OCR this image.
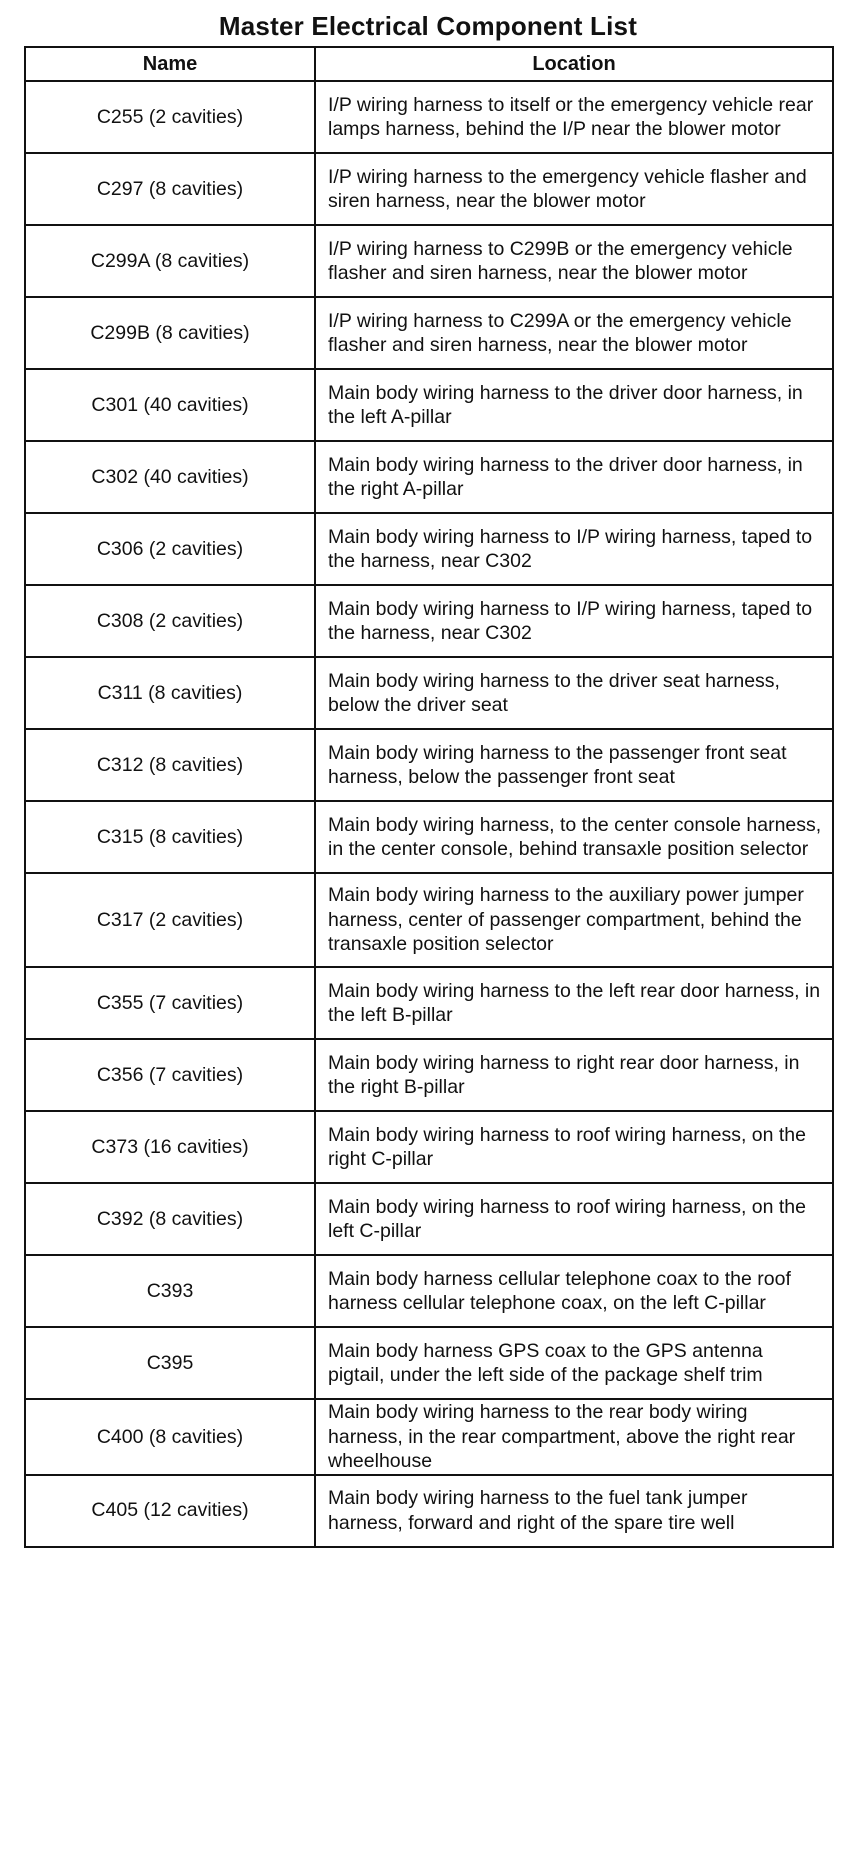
Master Electrical Component List
Name	Location
C255 (2 cavities)	I/P wiring harness to itself or the emergency vehicle rear lamps harness, behind the I/P near the blower motor
C297 (8 cavities)	I/P wiring harness to the emergency vehicle flasher and siren harness, near the blower motor
C299A (8 cavities)	I/P wiring harness to C299B or the emergency vehicle flasher and siren harness, near the blower motor
C299B (8 cavities)	I/P wiring harness to C299A or the emergency vehicle flasher and siren harness, near the blower motor
C301 (40 cavities)	Main body wiring harness to the driver door harness, in the left A-pillar
C302 (40 cavities)	Main body wiring harness to the driver door harness, in the right A-pillar
C306 (2 cavities)	Main body wiring harness to I/P wiring harness, taped to the harness, near C302
C308 (2 cavities)	Main body wiring harness to I/P wiring harness, taped to the harness, near C302
C311 (8 cavities)	Main body wiring harness to the driver seat harness, below the driver seat
C312 (8 cavities)	Main body wiring harness to the passenger front seat harness, below the passenger front seat
C315 (8 cavities)	Main body wiring harness, to the center console harness, in the center console, behind transaxle position selector
C317 (2 cavities)	Main body wiring harness to the auxiliary power jumper harness, center of passenger compartment, behind the transaxle position selector
C355 (7 cavities)	Main body wiring harness to the left rear door harness, in the left B-pillar
C356 (7 cavities)	Main body wiring harness to right rear door harness, in the right B-pillar
C373 (16 cavities)	Main body wiring harness to roof wiring harness, on the right C-pillar
C392 (8 cavities)	Main body wiring harness to roof wiring harness, on the left C-pillar
C393	Main body harness cellular telephone coax to the roof harness cellular telephone coax, on the left C-pillar
C395	Main body harness GPS coax to the GPS antenna pigtail, under the left side of the package shelf trim
C400 (8 cavities)	Main body wiring harness to the rear body wiring harness, in the rear compartment, above the right rear wheelhouse
C405 (12 cavities)	Main body wiring harness to the fuel tank jumper harness, forward and right of the spare tire well
